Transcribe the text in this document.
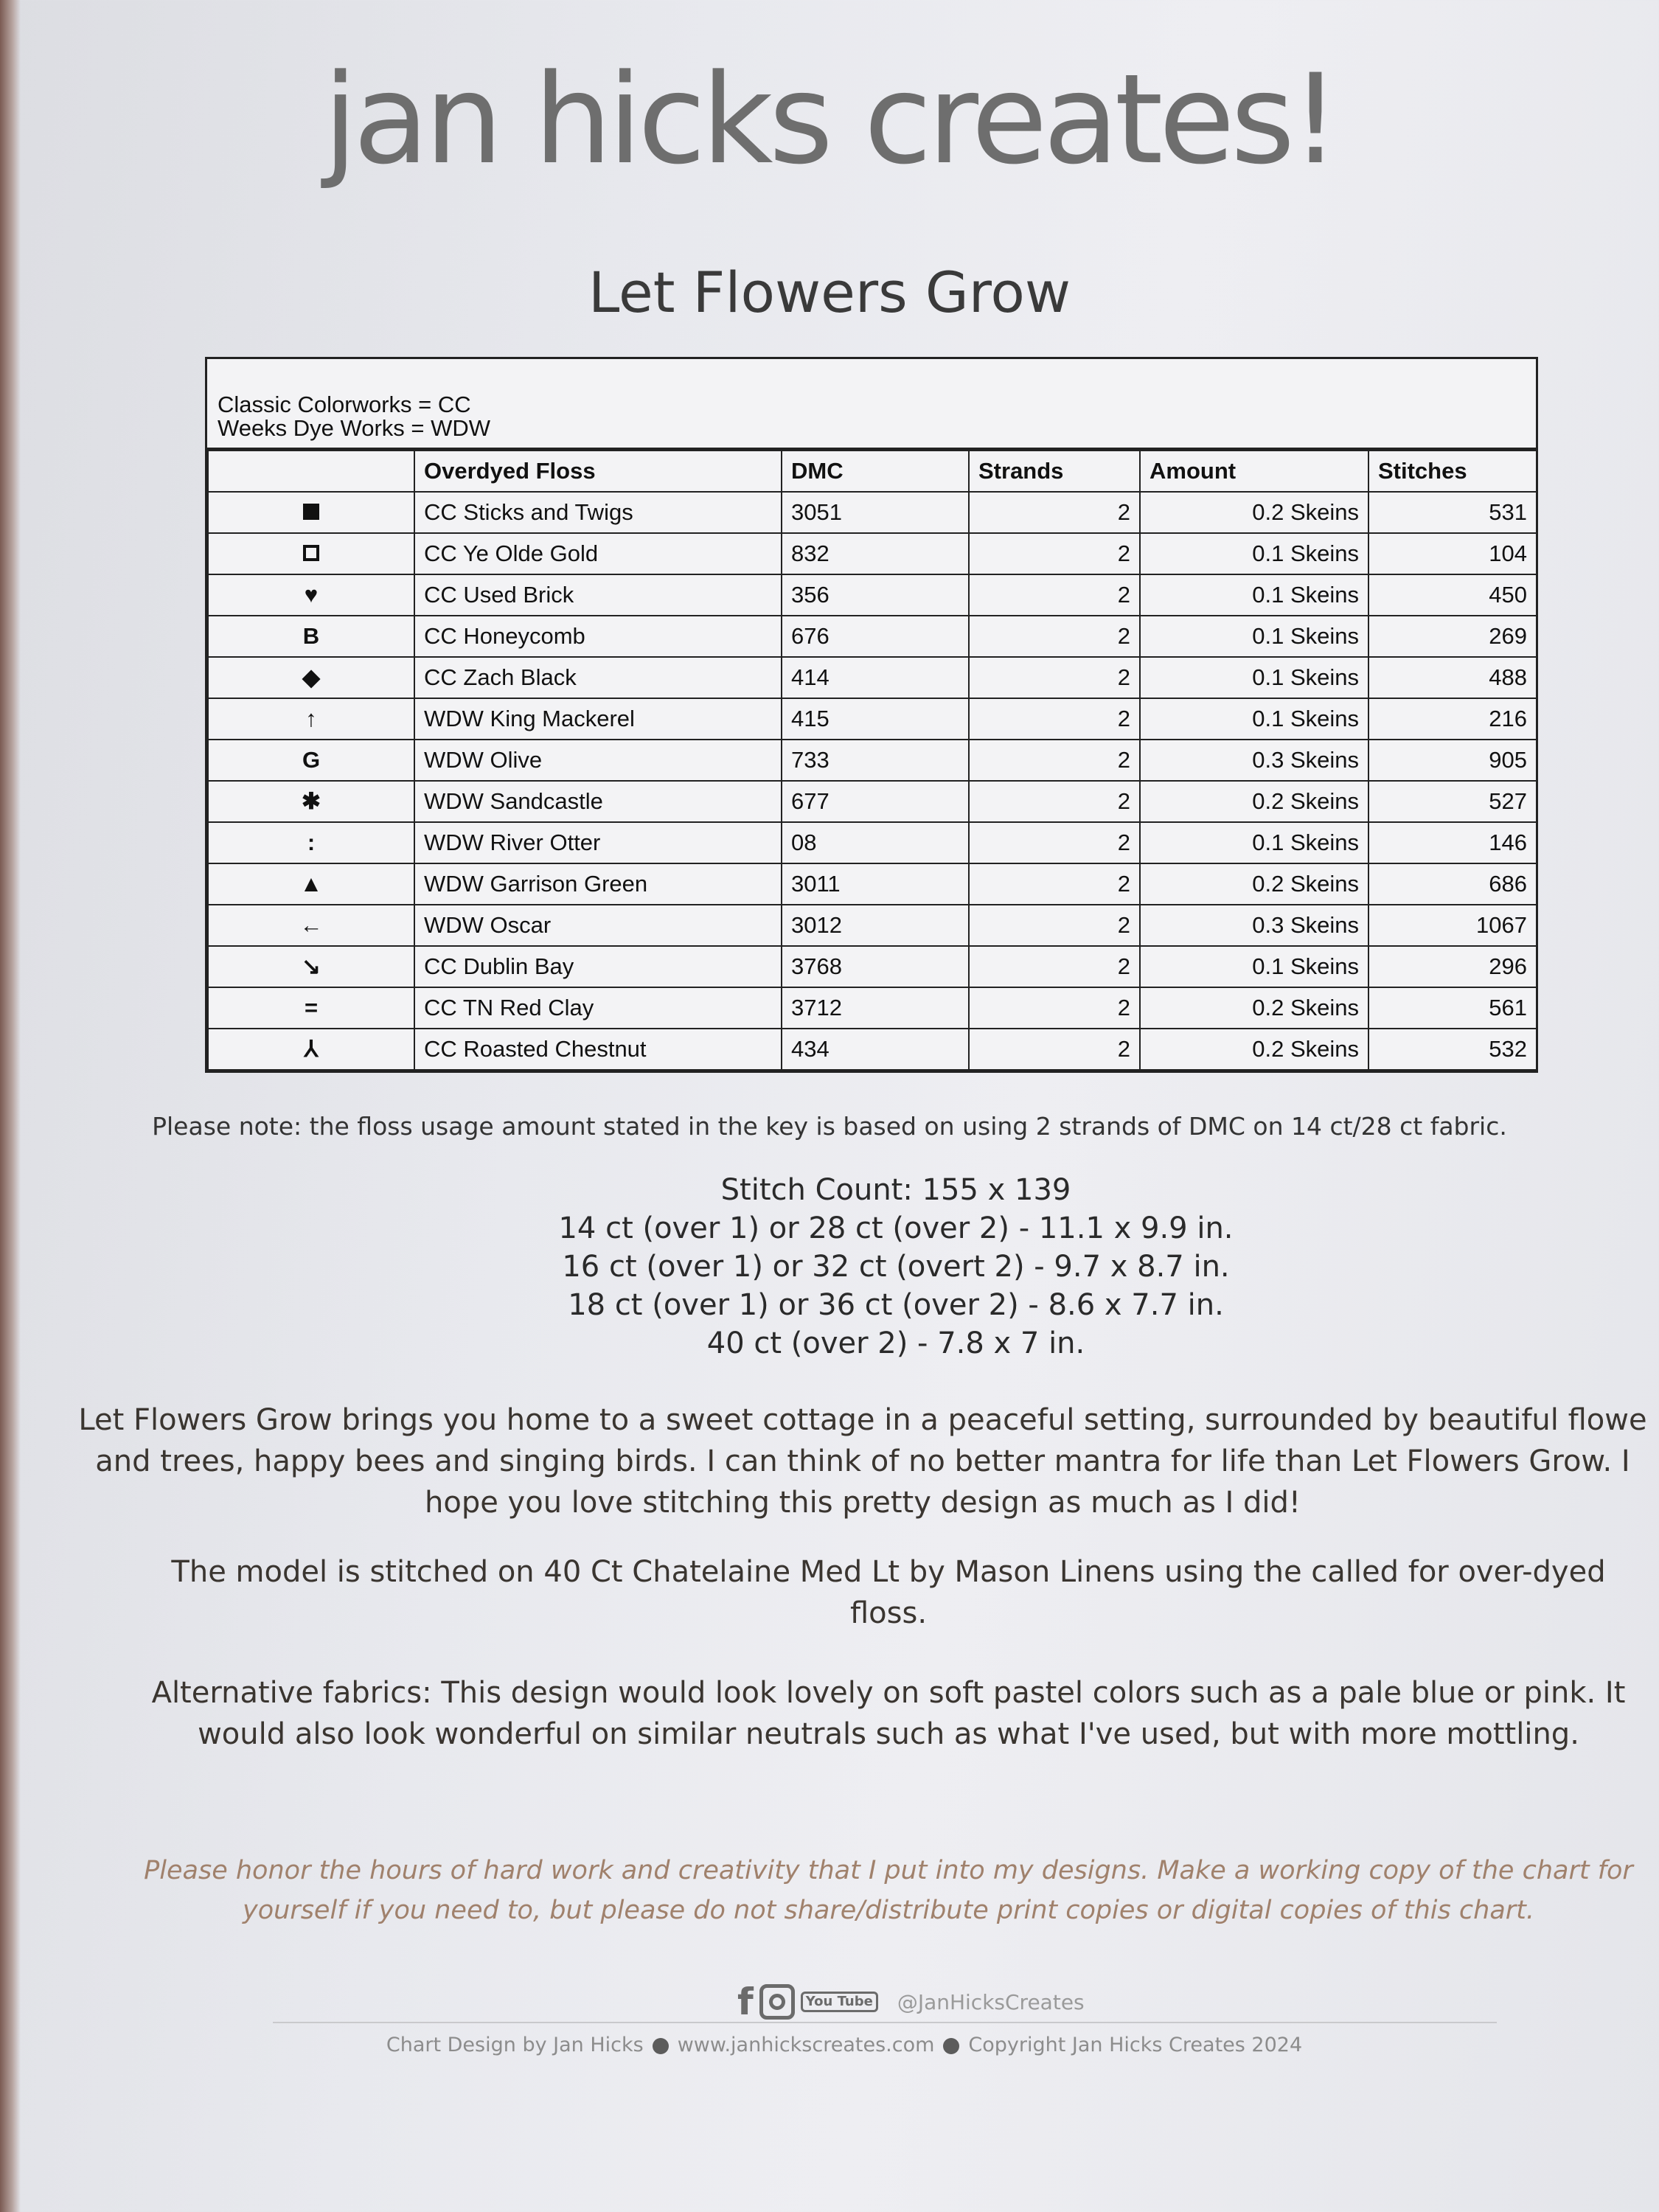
jan hicks creates!
Let Flowers Grow
Classic Colorworks = CC
Weeks Dye Works = WDW
	Overdyed Floss	DMC	Strands	Amount	Stitches
	CC Sticks and Twigs	3051	2	0.2 Skeins	531
	CC Ye Olde Gold	832	2	0.1 Skeins	104
♥	CC Used Brick	356	2	0.1 Skeins	450
B	CC Honeycomb	676	2	0.1 Skeins	269
◆	CC Zach Black	414	2	0.1 Skeins	488
↑	WDW King Mackerel	415	2	0.1 Skeins	216
G	WDW Olive	733	2	0.3 Skeins	905
✱	WDW Sandcastle	677	2	0.2 Skeins	527
:	WDW River Otter	08	2	0.1 Skeins	146
▲	WDW Garrison Green	3011	2	0.2 Skeins	686
←	WDW Oscar	3012	2	0.3 Skeins	1067
↘	CC Dublin Bay	3768	2	0.1 Skeins	296
=	CC TN Red Clay	3712	2	0.2 Skeins	561
⅄	CC Roasted Chestnut	434	2	0.2 Skeins	532
Please note: the floss usage amount stated in the key is based on using 2 strands of DMC on 14 ct/28 ct fabric.
Stitch Count: 155 x 139
14 ct (over 1) or 28 ct (over 2) - 11.1 x 9.9 in.
16 ct (over 1) or 32 ct (overt 2) - 9.7 x 8.7 in.
18 ct (over 1) or 36 ct (over 2) - 8.6 x 7.7 in.
40 ct (over 2) - 7.8 x 7 in.
Let Flowers Grow brings you home to a sweet cottage in a peaceful setting, surrounded by beautiful flowe and trees, happy bees and singing birds. I can think of no better mantra for life than Let Flowers Grow. I hope you love stitching this pretty design as much as I did!
The model is stitched on 40 Ct Chatelaine Med Lt by Mason Linens using the called for over-dyed floss.
Alternative fabrics: This design would look lovely on soft pastel colors such as a pale blue or pink. It would also look wonderful on similar neutrals such as what I've used, but with more mottling.
Please honor the hours of hard work and creativity that I put into my designs. Make a working copy of the chart for yourself if you need to, but please do not share/distribute print copies or digital copies of this chart.
f	You Tube @JanHicksCreates
Chart Design by Jan Hicks www.janhickscreates.com Copyright Jan Hicks Creates 2024
